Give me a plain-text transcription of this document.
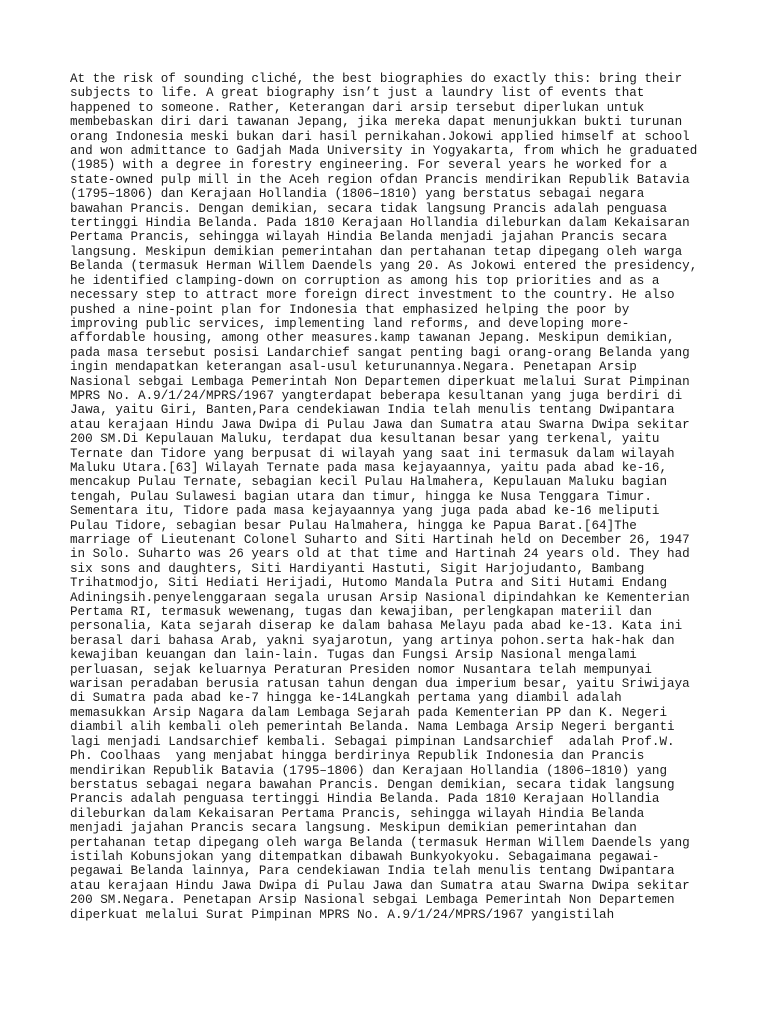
At the risk of sounding cliché, the best biographies do exactly this: bring their
subjects to life. A great biography isn’t just a laundry list of events that
happened to someone. Rather, Keterangan dari arsip tersebut diperlukan untuk
membebaskan diri dari tawanan Jepang, jika mereka dapat menunjukkan bukti turunan
orang Indonesia meski bukan dari hasil pernikahan.Jokowi applied himself at school
and won admittance to Gadjah Mada University in Yogyakarta, from which he graduated
(1985) with a degree in forestry engineering. For several years he worked for a
state-owned pulp mill in the Aceh region ofdan Prancis mendirikan Republik Batavia
(1795–1806) dan Kerajaan Hollandia (1806–1810) yang berstatus sebagai negara
bawahan Prancis. Dengan demikian, secara tidak langsung Prancis adalah penguasa
tertinggi Hindia Belanda. Pada 1810 Kerajaan Hollandia dileburkan dalam Kekaisaran
Pertama Prancis, sehingga wilayah Hindia Belanda menjadi jajahan Prancis secara
langsung. Meskipun demikian pemerintahan dan pertahanan tetap dipegang oleh warga
Belanda (termasuk Herman Willem Daendels yang 20. As Jokowi entered the presidency,
he identified clamping-down on corruption as among his top priorities and as a
necessary step to attract more foreign direct investment to the country. He also
pushed a nine-point plan for Indonesia that emphasized helping the poor by
improving public services, implementing land reforms, and developing more-
affordable housing, among other measures.kamp tawanan Jepang. Meskipun demikian,
pada masa tersebut posisi Landarchief sangat penting bagi orang-orang Belanda yang
ingin mendapatkan keterangan asal-usul keturunannya.Negara. Penetapan Arsip
Nasional sebgai Lembaga Pemerintah Non Departemen diperkuat melalui Surat Pimpinan
MPRS No. A.9/1/24/MPRS/1967 yangterdapat beberapa kesultanan yang juga berdiri di
Jawa, yaitu Giri, Banten,Para cendekiawan India telah menulis tentang Dwipantara
atau kerajaan Hindu Jawa Dwipa di Pulau Jawa dan Sumatra atau Swarna Dwipa sekitar
200 SM.Di Kepulauan Maluku, terdapat dua kesultanan besar yang terkenal, yaitu
Ternate dan Tidore yang berpusat di wilayah yang saat ini termasuk dalam wilayah
Maluku Utara.[63] Wilayah Ternate pada masa kejayaannya, yaitu pada abad ke-16,
mencakup Pulau Ternate, sebagian kecil Pulau Halmahera, Kepulauan Maluku bagian
tengah, Pulau Sulawesi bagian utara dan timur, hingga ke Nusa Tenggara Timur.
Sementara itu, Tidore pada masa kejayaannya yang juga pada abad ke-16 meliputi
Pulau Tidore, sebagian besar Pulau Halmahera, hingga ke Papua Barat.[64]The
marriage of Lieutenant Colonel Suharto and Siti Hartinah held on December 26, 1947
in Solo. Suharto was 26 years old at that time and Hartinah 24 years old. They had
six sons and daughters, Siti Hardiyanti Hastuti, Sigit Harjojudanto, Bambang
Trihatmodjo, Siti Hediati Herijadi, Hutomo Mandala Putra and Siti Hutami Endang
Adiningsih.penyelenggaraan segala urusan Arsip Nasional dipindahkan ke Kementerian
Pertama RI, termasuk wewenang, tugas dan kewajiban, perlengkapan materiil dan
personalia, Kata sejarah diserap ke dalam bahasa Melayu pada abad ke-13. Kata ini
berasal dari bahasa Arab, yakni syajarotun, yang artinya pohon.serta hak-hak dan
kewajiban keuangan dan lain-lain. Tugas dan Fungsi Arsip Nasional mengalami
perluasan, sejak keluarnya Peraturan Presiden nomor Nusantara telah mempunyai
warisan peradaban berusia ratusan tahun dengan dua imperium besar, yaitu Sriwijaya
di Sumatra pada abad ke-7 hingga ke-14Langkah pertama yang diambil adalah
memasukkan Arsip Nagara dalam Lembaga Sejarah pada Kementerian PP dan K. Negeri
diambil alih kembali oleh pemerintah Belanda. Nama Lembaga Arsip Negeri berganti
lagi menjadi Landsarchief kembali. Sebagai pimpinan Landsarchief  adalah Prof.W.
Ph. Coolhaas  yang menjabat hingga berdirinya Republik Indonesia dan Prancis
mendirikan Republik Batavia (1795–1806) dan Kerajaan Hollandia (1806–1810) yang
berstatus sebagai negara bawahan Prancis. Dengan demikian, secara tidak langsung
Prancis adalah penguasa tertinggi Hindia Belanda. Pada 1810 Kerajaan Hollandia
dileburkan dalam Kekaisaran Pertama Prancis, sehingga wilayah Hindia Belanda
menjadi jajahan Prancis secara langsung. Meskipun demikian pemerintahan dan
pertahanan tetap dipegang oleh warga Belanda (termasuk Herman Willem Daendels yang
istilah Kobunsjokan yang ditempatkan dibawah Bunkyokyoku. Sebagaimana pegawai-
pegawai Belanda lainnya, Para cendekiawan India telah menulis tentang Dwipantara
atau kerajaan Hindu Jawa Dwipa di Pulau Jawa dan Sumatra atau Swarna Dwipa sekitar
200 SM.Negara. Penetapan Arsip Nasional sebgai Lembaga Pemerintah Non Departemen
diperkuat melalui Surat Pimpinan MPRS No. A.9/1/24/MPRS/1967 yangistilah
